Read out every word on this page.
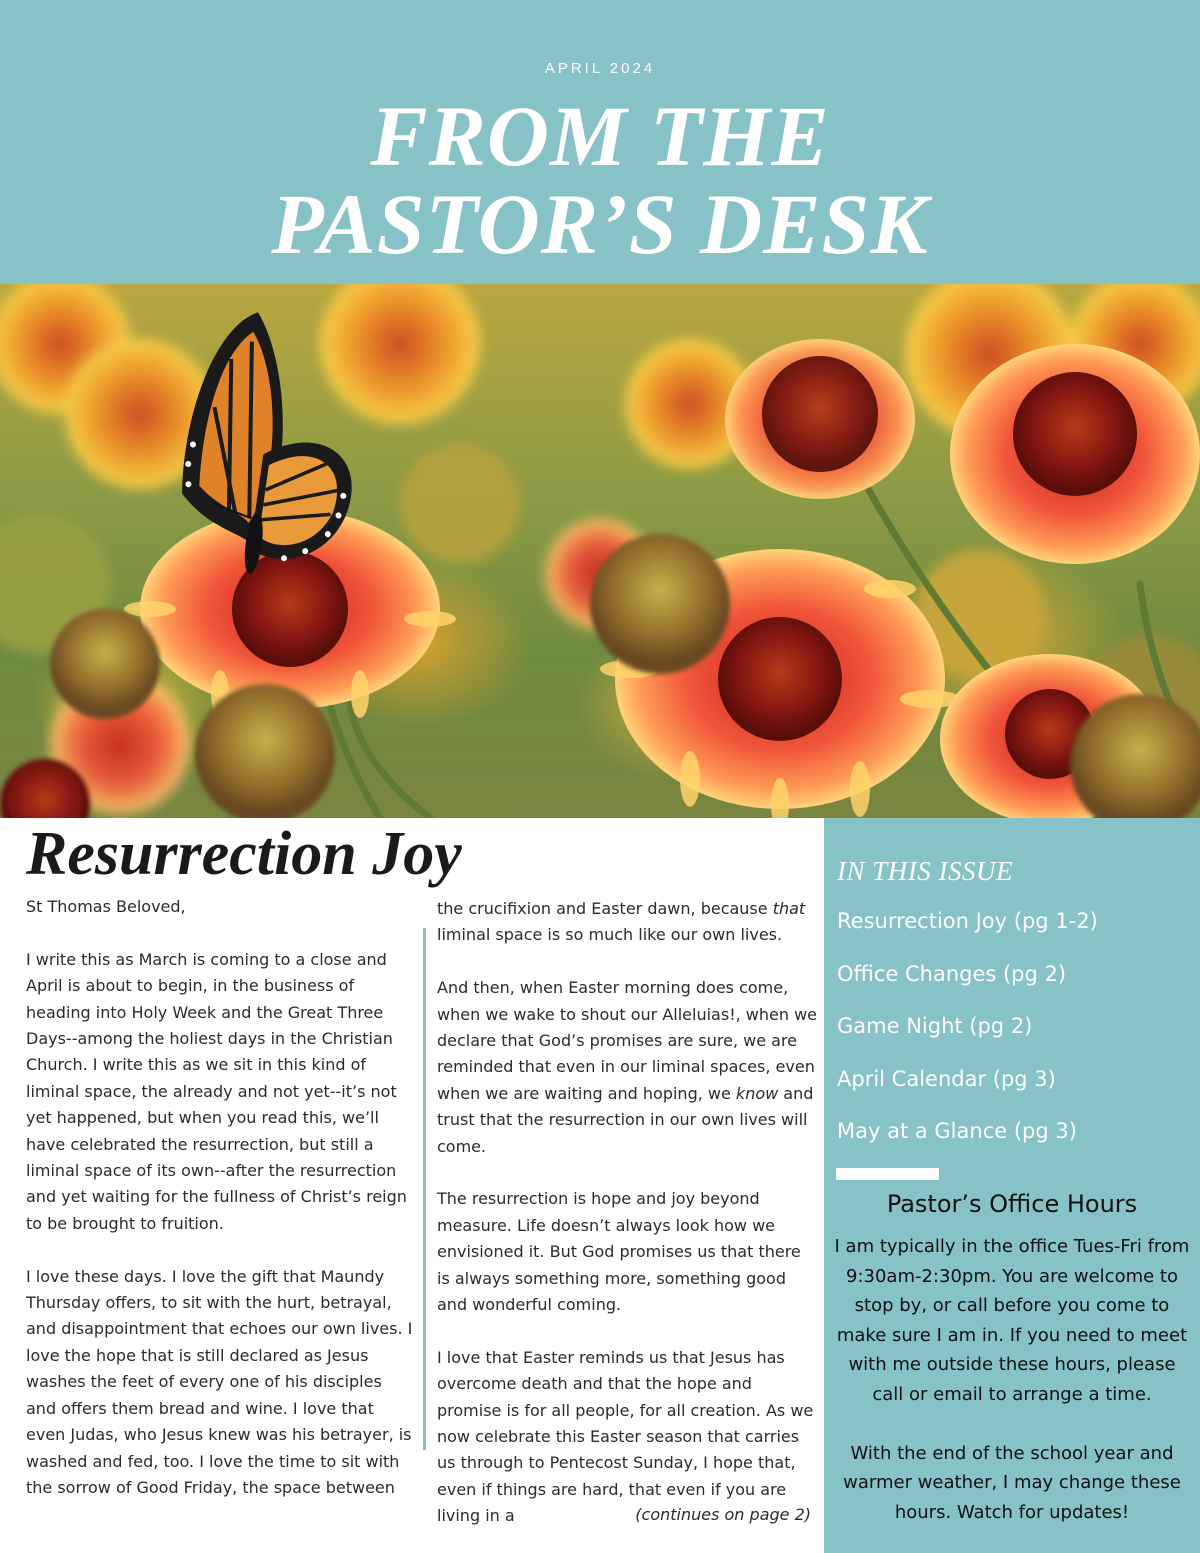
APRIL 2024
FROM THE
PASTOR’S DESK
Resurrection Joy

St Thomas Beloved,

I write this as March is coming to a close and April is about to begin, in the business of heading into Holy Week and the Great Three Days--among the holiest days in the Christian Church. I write this as we sit in this kind of liminal space, the already and not yet--it’s not yet happened, but when you read this, we’ll have celebrated the resurrection, but still a liminal space of its own--after the resurrection and yet waiting for the fullness of Christ’s reign to be brought to fruition.

I love these days. I love the gift that Maundy Thursday offers, to sit with the hurt, betrayal, and disappointment that echoes our own lives. I love the hope that is still declared as Jesus washes the feet of every one of his disciples and offers them bread and wine. I love that even Judas, who Jesus knew was his betrayer, is washed and fed, too. I love the time to sit with the sorrow of Good Friday, the space between

the crucifixion and Easter dawn, because that liminal space is so much like our own lives.

And then, when Easter morning does come, when we wake to shout our Alleluias!, when we declare that God’s promises are sure, we are reminded that even in our liminal spaces, even when we are waiting and hoping, we know and trust that the resurrection in our own lives will come.

The resurrection is hope and joy beyond measure. Life doesn’t always look how we envisioned it. But God promises us that there is always something more, something good and wonderful coming.

I love that Easter reminds us that Jesus has overcome death and that the hope and promise is for all people, for all creation. As we now celebrate this Easter season that carries us through to Pentecost Sunday, I hope that, even if things are hard, that even if you are living in a	(continues on page 2)
IN THIS ISSUE
Resurrection Joy (pg 1-2)
Office Changes (pg 2)
Game Night (pg 2)
April Calendar (pg 3)
May at a Glance (pg 3)
Pastor’s Office Hours

I am typically in the office Tues-Fri from 9:30am-2:30pm. You are welcome to stop by, or call before you come to make sure I am in. If you need to meet with me outside these hours, please call or email to arrange a time.

With the end of the school year and warmer weather, I may change these hours. Watch for updates!
